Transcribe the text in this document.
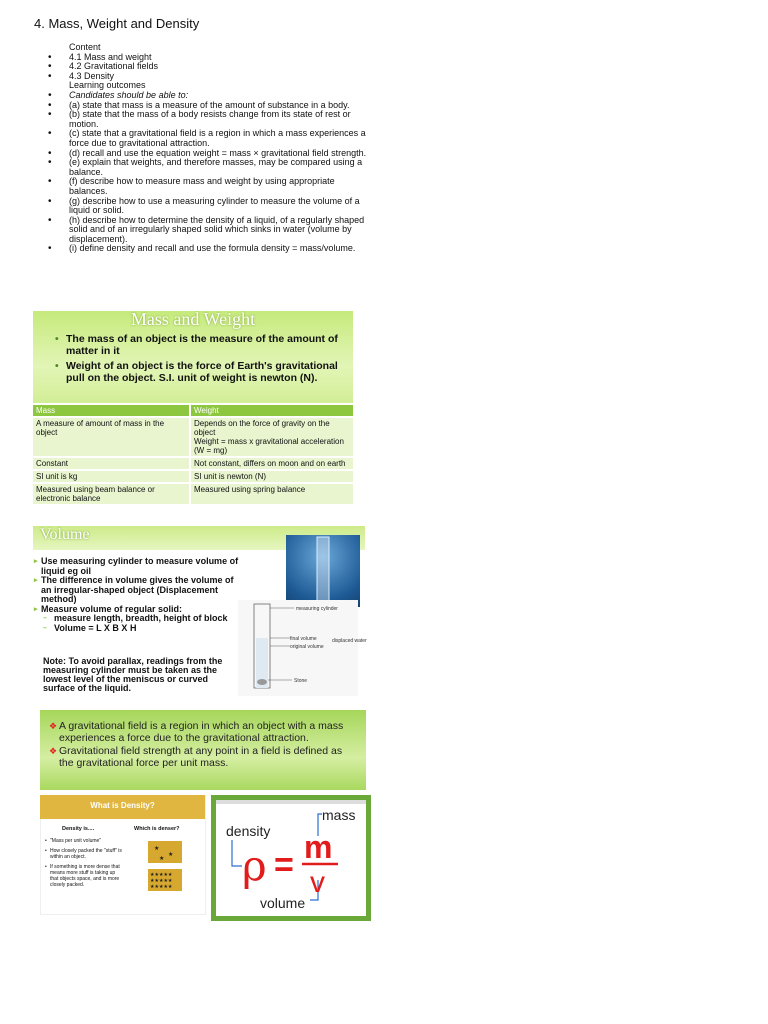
4. Mass, Weight and Density
Content
• 4.1 Mass and weight
• 4.2 Gravitational fields
• 4.3 Density
Learning outcomes
• Candidates should be able to:
• (a) state that mass is a measure of the amount of substance in a body.
• (b) state that the mass of a body resists change from its state of rest or motion.
• (c) state that a gravitational field is a region in which a mass experiences a force due to gravitational attraction.
• (d) recall and use the equation weight = mass × gravitational field strength.
• (e) explain that weights, and therefore masses, may be compared using a balance.
• (f) describe how to measure mass and weight by using appropriate balances.
• (g) describe how to use a measuring cylinder to measure the volume of a liquid or solid.
• (h) describe how to determine the density of a liquid, of a regularly shaped solid and of an irregularly shaped solid which sinks in water (volume by displacement).
• (i) define density and recall and use the formula density = mass/volume.
Mass and Weight
• The mass of an object is the measure of the amount of matter in it
• Weight of an object is the force of Earth's gravitational pull on the object. S.I. unit of weight is newton (N).
Mass	Weight
A measure of amount of mass in the object	Depends on the force of gravity on the object
Weight = mass x gravitational acceleration (W = mg)
Constant	Not constant, differs on moon and on earth
SI unit is kg	SI unit is newton (N)
Measured using beam balance or electronic balance	Measured using spring balance
Volume
▸ Use measuring cylinder to measure volume of liquid eg oil
▸ The difference in volume gives the volume of an irregular-shaped object (Displacement method)
▸ Measure volume of regular solid:
– measure length, breadth, height of block
– Volume = L X B X H
Note: To avoid parallax, readings from the measuring cylinder must be taken as the lowest level of the meniscus or curved surface of the liquid.
measuring cylinder
final volume
original volume
displaced water
Stone

❖ A gravitational field is a region in which an object with a mass experiences a force due to the gravitational attraction.

❖ Gravitational field strength at any point in a field is defined as the gravitational force per unit mass.

What is Density?
Density is....	Which is denser?
• "Mass per unit volume"
• How closely packed the "stuff" is within an object.
• If something is more dense that means more stuff is taking up that objects space, and is more closely packed.
★
★
★
★★★★★
★★★★★
★★★★★
density
mass
ρ = m
v
volume
